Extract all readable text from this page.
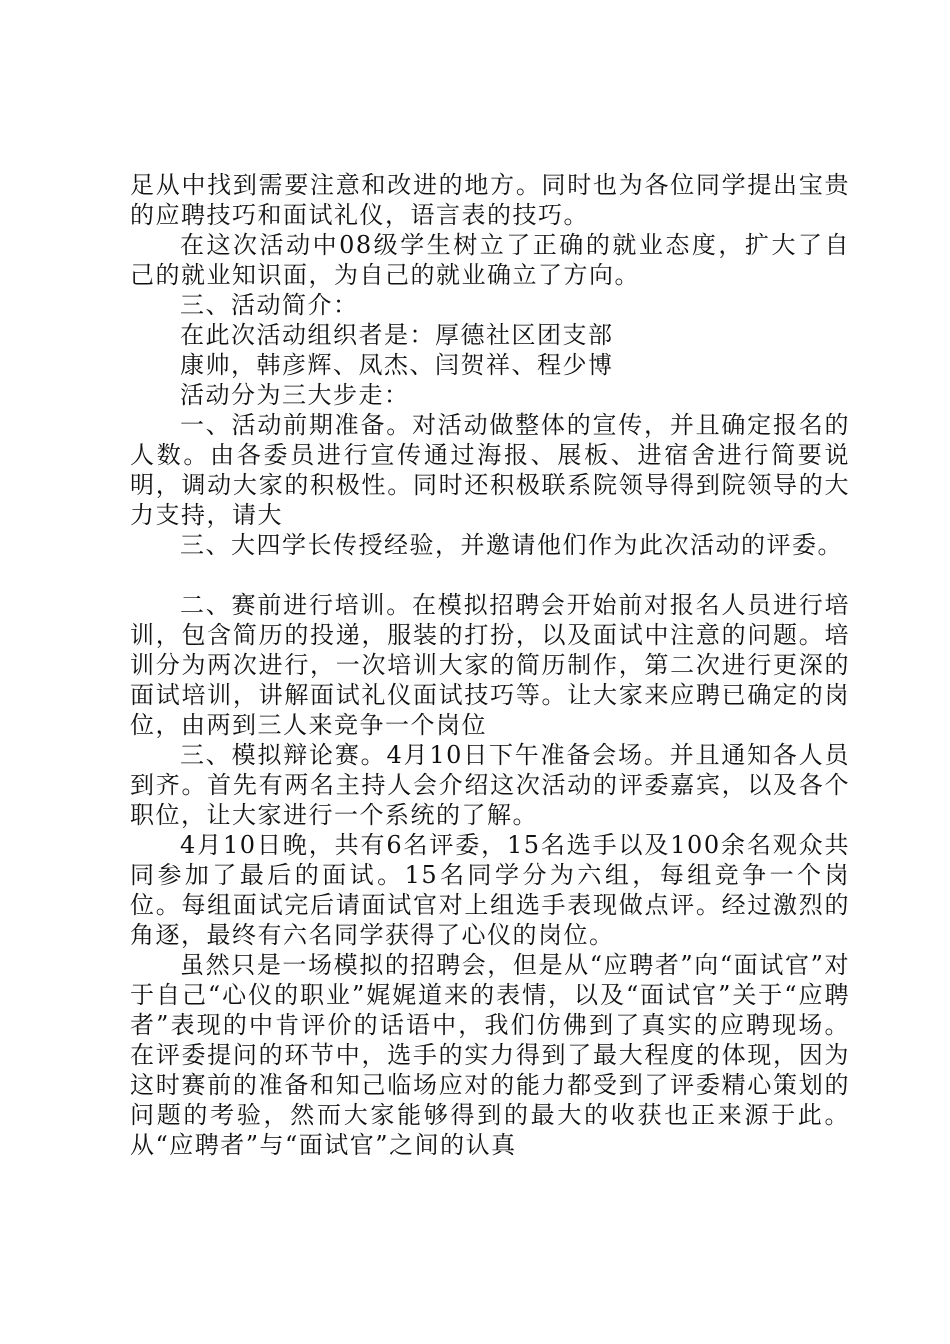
足从中找到需要注意和改进的地方。同时也为各位同学提出宝贵的应聘技巧和面试礼仪，语言表的技巧。

在这次活动中08级学生树立了正确的就业态度，扩大了自己的就业知识面，为自己的就业确立了方向。

三、活动简介：

在此次活动组织者是：厚德社区团支部

康帅，韩彦辉、凤杰、闫贺祥、程少博

活动分为三大步走：

一、活动前期准备。对活动做整体的宣传，并且确定报名的人数。由各委员进行宣传通过海报、展板、进宿舍进行简要说明，调动大家的积极性。同时还积极联系院领导得到院领导的大力支持，请大

三、大四学长传授经验，并邀请他们作为此次活动的评委。

二、赛前进行培训。在模拟招聘会开始前对报名人员进行培训，包含简历的投递，服装的打扮，以及面试中注意的问题。培训分为两次进行，一次培训大家的简历制作，第二次进行更深的面试培训，讲解面试礼仪面试技巧等。让大家来应聘已确定的岗位，由两到三人来竞争一个岗位

三、模拟辩论赛。4月10日下午准备会场。并且通知各人员到齐。首先有两名主持人会介绍这次活动的评委嘉宾，以及各个职位，让大家进行一个系统的了解。

4月10日晚，共有6名评委，15名选手以及100余名观众共同参加了最后的面试。15名同学分为六组，每组竞争一个岗位。每组面试完后请面试官对上组选手表现做点评。经过激烈的角逐，最终有六名同学获得了心仪的岗位。

虽然只是一场模拟的招聘会，但是从“应聘者”向“面试官”对于自己“心仪的职业”娓娓道来的表情，以及“面试官”关于“应聘者”表现的中肯评价的话语中，我们仿佛到了真实的应聘现场。在评委提问的环节中，选手的实力得到了最大程度的体现，因为这时赛前的准备和知己临场应对的能力都受到了评委精心策划的问题的考验，然而大家能够得到的最大的收获也正来源于此。从“应聘者”与“面试官”之间的认真
